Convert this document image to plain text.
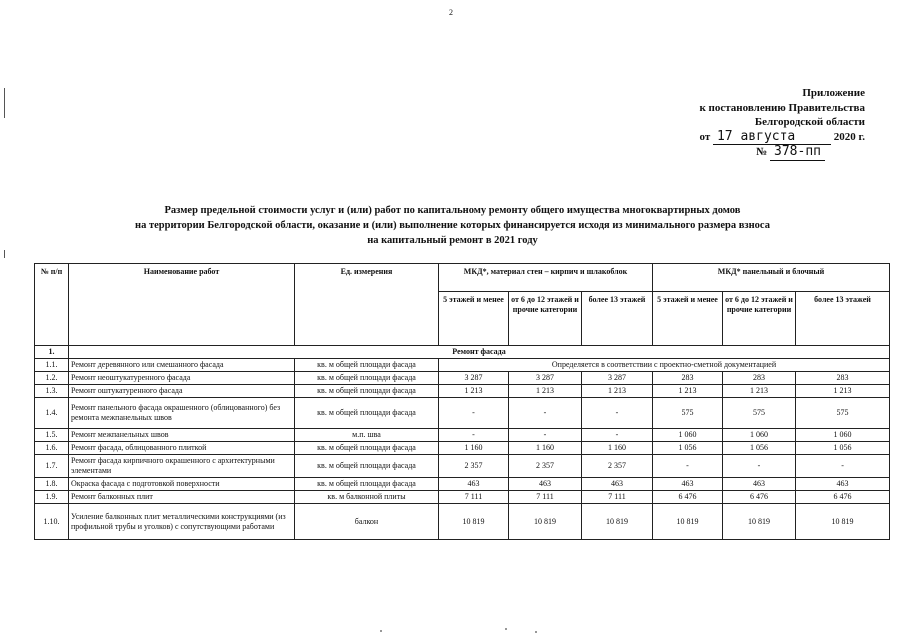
2
Приложение
к постановлению Правительства
Белгородской области
от 17 августа	2020 г.
№ 378-пп
Размер предельной стоимости услуг и (или) работ по капитальному ремонту общего имущества многоквартирных домов
на территории Белгородской области, оказание и (или) выполнение которых финансируется исходя из минимального размера взноса
на капитальный ремонт в 2021 году
№ п/п	Наименование работ	Ед. измерения	МКД*, материал стен – кирпич и шлакоблок			МКД* панельный и блочный		
			5 этажей и менее	от 6 до 12 этажей и прочие категории	более 13 этажей	5 этажей и менее	от 6 до 12 этажей и прочие категории	более 13 этажей
1.	Ремонт фасада							
1.1.	Ремонт деревянного или смешанного фасада	кв. м общей площади фасада	Определяется в соответствии с проектно-сметной документацией					
1.2.	Ремонт неоштукатуренного фасада	кв. м общей площади фасада	3 287	3 287	3 287	283	283	283
1.3.	Ремонт оштукатуренного фасада	кв. м общей площади фасада	1 213	1 213	1 213	1 213	1 213	1 213
1.4.	Ремонт панельного фасада окрашенного (облицованного) без ремонта межпанельных швов	кв. м общей площади фасада	-	-	-	575	575	575
1.5.	Ремонт межпанельных швов	м.п. шва	-	-	-	1 060	1 060	1 060
1.6.	Ремонт фасада, облицованного плиткой	кв. м общей площади фасада	1 160	1 160	1 160	1 056	1 056	1 056
1.7.	Ремонт фасада кирпичного окрашенного с архитектурными элементами	кв. м общей площади фасада	2 357	2 357	2 357	-	-	-
1.8.	Окраска фасада с подготовкой поверхности	кв. м общей площади фасада	463	463	463	463	463	463
1.9.	Ремонт балконных плит	кв. м балконной плиты	7 111	7 111	7 111	6 476	6 476	6 476
1.10.	Усиление балконных плит металлическими конструкциями (из профильной трубы и уголков) с сопутствующими работами	балкон	10 819	10 819	10 819	10 819	10 819	10 819
